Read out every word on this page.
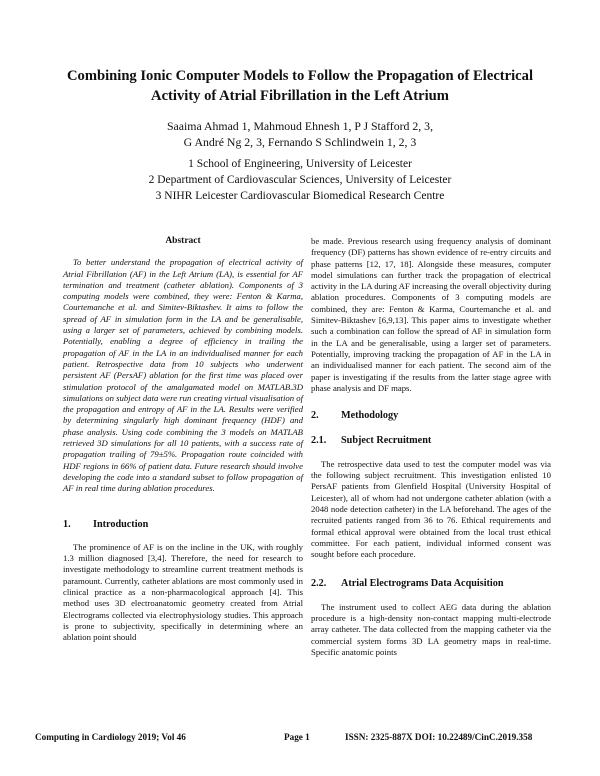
Combining Ionic Computer Models to Follow the Propagation of Electrical
Activity of Atrial Fibrillation in the Left Atrium
Saaima Ahmad 1, Mahmoud Ehnesh 1, P J Stafford 2, 3,
G André Ng 2, 3, Fernando S Schlindwein 1, 2, 3
1 School of Engineering, University of Leicester
2 Department of Cardiovascular Sciences, University of Leicester
3 NIHR Leicester Cardiovascular Biomedical Research Centre
Abstract

To better understand the propagation of electrical activity of Atrial Fibrillation (AF) in the Left Atrium (LA), is essential for AF termination and treatment (catheter ablation). Components of 3 computing models were combined, they were: Fenton & Karma, Courtemanche et al. and Simitev-Biktashev. It aims to follow the spread of AF in simulation form in the LA and be generalisable, using a larger set of parameters, achieved by combining models. Potentially, enabling a degree of efficiency in trailing the propagation of AF in the LA in an individualised manner for each patient. Retrospective data from 10 subjects who underwent persistent AF (PersAF) ablation for the first time was placed over stimulation protocol of the amalgamated model on MATLAB.3D simulations on subject data were run creating virtual visualisation of the propagation and entropy of AF in the LA. Results were verified by determining singularly high dominant frequency (HDF) and phase analysis. Using code combining the 3 models on MATLAB retrieved 3D simulations for all 10 patients, with a success rate of propagation trailing of 79±5%. Propagation route coincided with HDF regions in 66% of patient data. Future research should involve developing the code into a standard subset to follow propagation of AF in real time during ablation procedures.

1.	Introduction

The prominence of AF is on the incline in the UK, with roughly 1.3 million diagnosed [3,4]. Therefore, the need for research to investigate methodology to streamline current treatment methods is paramount. Currently, catheter ablations are most commonly used in clinical practice as a non-pharmacological approach [4]. This method uses 3D electroanatomic geometry created from Atrial Electrograms collected via electrophysiology studies. This approach is prone to subjectivity, specifically in determining where an ablation point should

be made. Previous research using frequency analysis of dominant frequency (DF) patterns has shown evidence of re-entry circuits and phase patterns [12, 17, 18]. Alongside these measures, computer model simulations can further track the propagation of electrical activity in the LA during AF increasing the overall objectivity during ablation procedures. Components of 3 computing models are combined, they are: Fenton & Karma, Courtemanche et al. and Simitev-Biktashev [6,9,13]. This paper aims to investigate whether such a combination can follow the spread of AF in simulation form in the LA and be generalisable, using a larger set of parameters. Potentially, improving tracking the propagation of AF in the LA in an individualised manner for each patient. The second aim of the paper is investigating if the results from the latter stage agree with phase analysis and DF maps.

2.	Methodology
2.1.	Subject Recruitment

The retrospective data used to test the computer model was via the following subject recruitment. This investigation enlisted 10 PersAF patients from Glenfield Hospital (University Hospital of Leicester), all of whom had not undergone catheter ablation (with a 2048 node detection catheter) in the LA beforehand. The ages of the recruited patients ranged from 36 to 76. Ethical requirements and formal ethical approval were obtained from the local trust ethical committee. For each patient, individual informed consent was sought before each procedure.

2.2.	Atrial Electrograms Data Acquisition

The instrument used to collect AEG data during the ablation procedure is a high-density non-contact mapping multi-electrode array catheter. The data collected from the mapping catheter via the commercial system forms 3D LA geometry maps in real-time. Specific anatomic points

Computing in Cardiology 2019; Vol 46	Page 1	ISSN: 2325-887X DOI: 10.22489/CinC.2019.358
